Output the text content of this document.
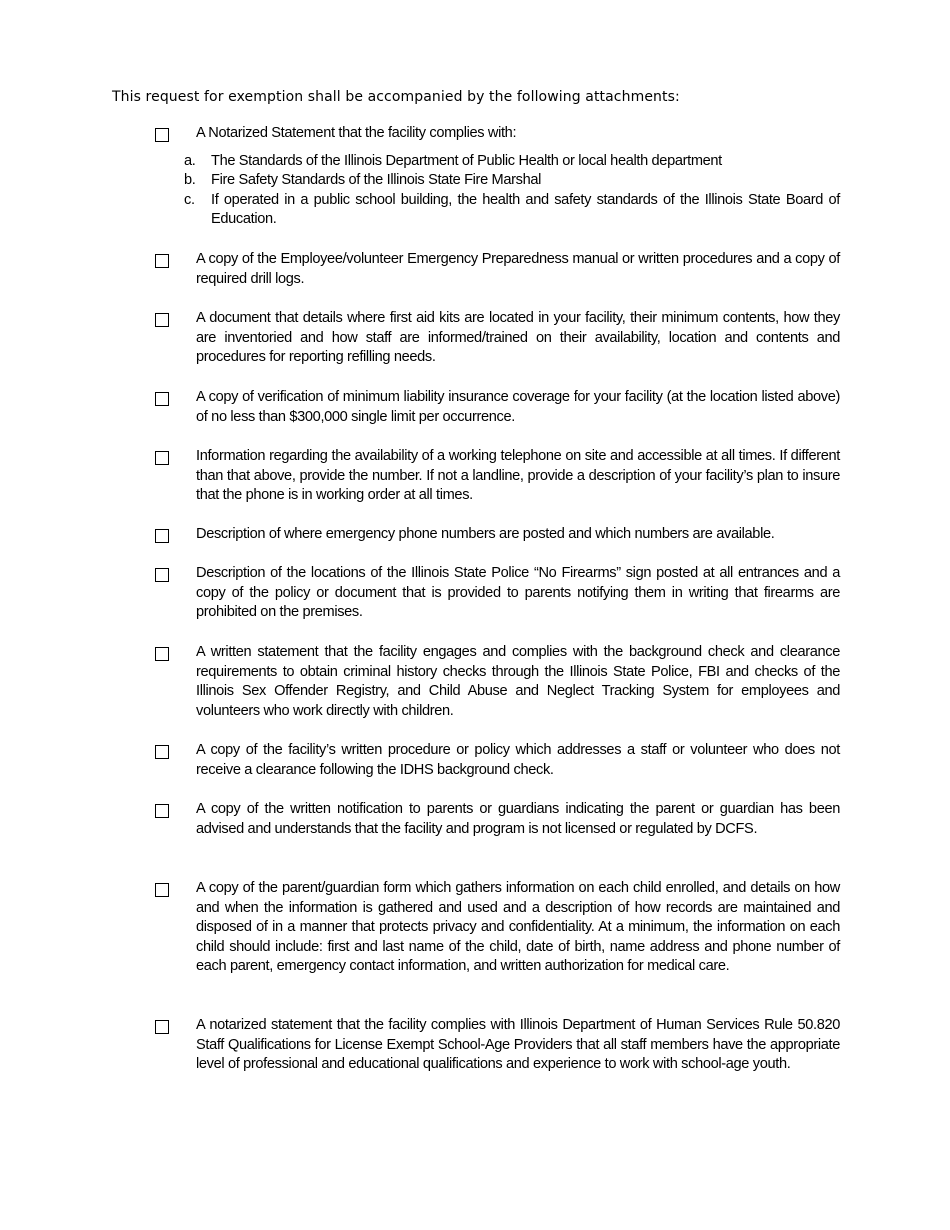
This request for exemption shall be accompanied by the following attachments:
A Notarized Statement that the facility complies with:
a. The Standards of the Illinois Department of Public Health or local health department
b. Fire Safety Standards of the Illinois State Fire Marshal
c. If operated in a public school building, the health and safety standards of the Illinois State Board of Education.
A copy of the Employee/volunteer Emergency Preparedness manual or written procedures and a copy of required drill logs.
A document that details where first aid kits are located in your facility, their minimum contents, how they are inventoried and how staff are informed/trained on their availability, location and contents and procedures for reporting refilling needs.
A copy of verification of minimum liability insurance coverage for your facility (at the location listed above) of no less than $300,000 single limit per occurrence.
Information regarding the availability of a working telephone on site and accessible at all times. If different than that above, provide the number. If not a landline, provide a description of your facility’s plan to insure that the phone is in working order at all times.
Description of where emergency phone numbers are posted and which numbers are available.
Description of the locations of the Illinois State Police “No Firearms” sign posted at all entrances and a copy of the policy or document that is provided to parents notifying them in writing that firearms are prohibited on the premises.
A written statement that the facility engages and complies with the background check and clearance requirements to obtain criminal history checks through the Illinois State Police, FBI and checks of the Illinois Sex Offender Registry, and Child Abuse and Neglect Tracking System for employees and volunteers who work directly with children.
A copy of the facility’s written procedure or policy which addresses a staff or volunteer who does not receive a clearance following the IDHS background check.
A copy of the written notification to parents or guardians indicating the parent or guardian has been advised and understands that the facility and program is not licensed or regulated by DCFS.
A copy of the parent/guardian form which gathers information on each child enrolled, and details on how and when the information is gathered and used and a description of how records are maintained and disposed of in a manner that protects privacy and confidentiality. At a minimum, the information on each child should include: first and last name of the child, date of birth, name address and phone number of each parent, emergency contact information, and written authorization for medical care.
A notarized statement that the facility complies with Illinois Department of Human Services Rule 50.820 Staff Qualifications for License Exempt School-Age Providers that all staff members have the appropriate level of professional and educational qualifications and experience to work with school-age youth.
